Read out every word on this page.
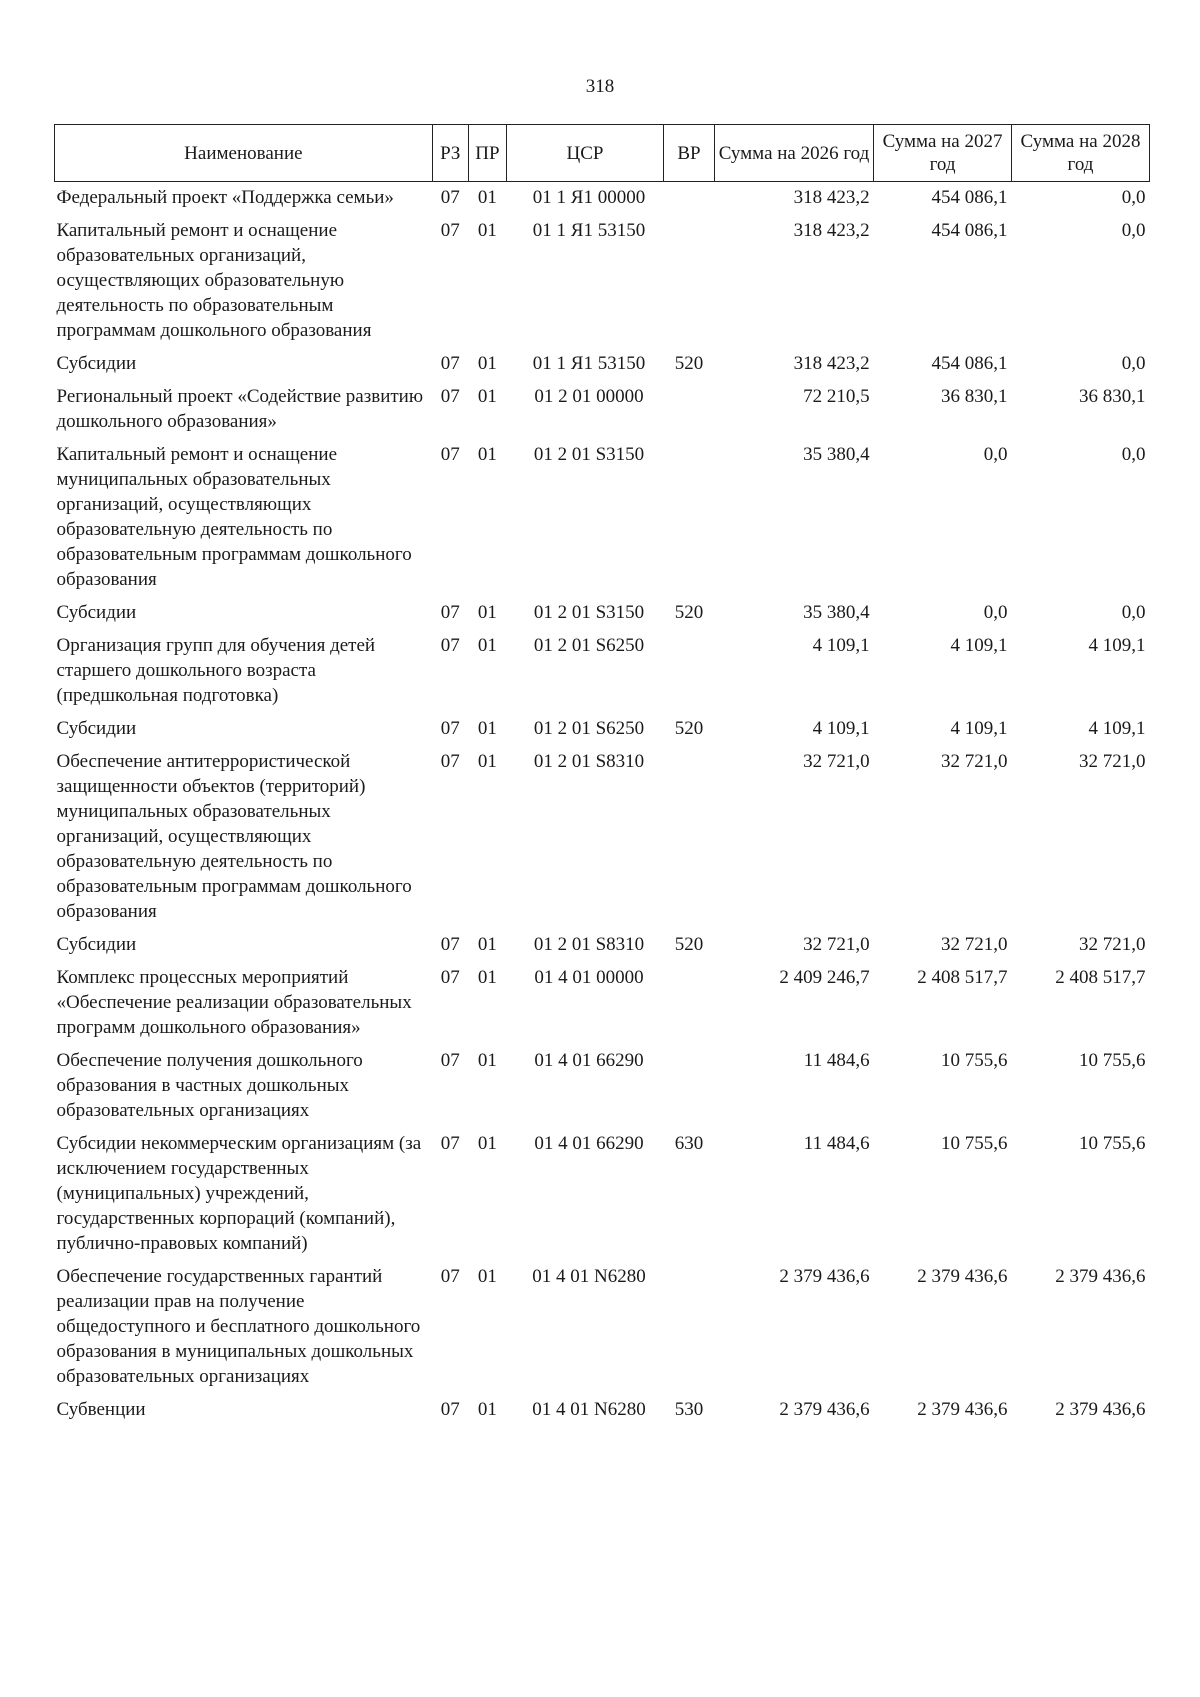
318
Наименование	РЗ	ПР	ЦСР	ВР	Сумма на 2026 год	Сумма на 2027 год	Сумма на 2028 год
Федеральный проект «Поддержка семьи»	07	01	01 1 Я1 00000		318 423,2	454 086,1	0,0
Капитальный ремонт и оснащение образовательных организаций, осуществляющих образовательную деятельность по образовательным программам дошкольного образования	07	01	01 1 Я1 53150		318 423,2	454 086,1	0,0
Субсидии	07	01	01 1 Я1 53150	520	318 423,2	454 086,1	0,0
Региональный проект «Содействие развитию дошкольного образования»	07	01	01 2 01 00000		72 210,5	36 830,1	36 830,1
Капитальный ремонт и оснащение муниципальных образовательных организаций, осуществляющих образовательную деятельность по образовательным программам дошкольного образования	07	01	01 2 01 S3150		35 380,4	0,0	0,0
Субсидии	07	01	01 2 01 S3150	520	35 380,4	0,0	0,0
Организация групп для обучения детей старшего дошкольного возраста (предшкольная подготовка)	07	01	01 2 01 S6250		4 109,1	4 109,1	4 109,1
Субсидии	07	01	01 2 01 S6250	520	4 109,1	4 109,1	4 109,1
Обеспечение антитеррористической защищенности объектов (территорий) муниципальных образовательных организаций, осуществляющих образовательную деятельность по образовательным программам дошкольного образования	07	01	01 2 01 S8310		32 721,0	32 721,0	32 721,0
Субсидии	07	01	01 2 01 S8310	520	32 721,0	32 721,0	32 721,0
Комплекс процессных мероприятий «Обеспечение реализации образовательных программ дошкольного образования»	07	01	01 4 01 00000		2 409 246,7	2 408 517,7	2 408 517,7
Обеспечение получения дошкольного образования в частных дошкольных образовательных организациях	07	01	01 4 01 66290		11 484,6	10 755,6	10 755,6
Субсидии некоммерческим организациям (за исключением государственных (муниципальных) учреждений, государственных корпораций (компаний), публично-правовых компаний)	07	01	01 4 01 66290	630	11 484,6	10 755,6	10 755,6
Обеспечение государственных гарантий реализации прав на получение общедоступного и бесплатного дошкольного образования в муниципальных дошкольных образовательных организациях	07	01	01 4 01 N6280		2 379 436,6	2 379 436,6	2 379 436,6
Субвенции	07	01	01 4 01 N6280	530	2 379 436,6	2 379 436,6	2 379 436,6
